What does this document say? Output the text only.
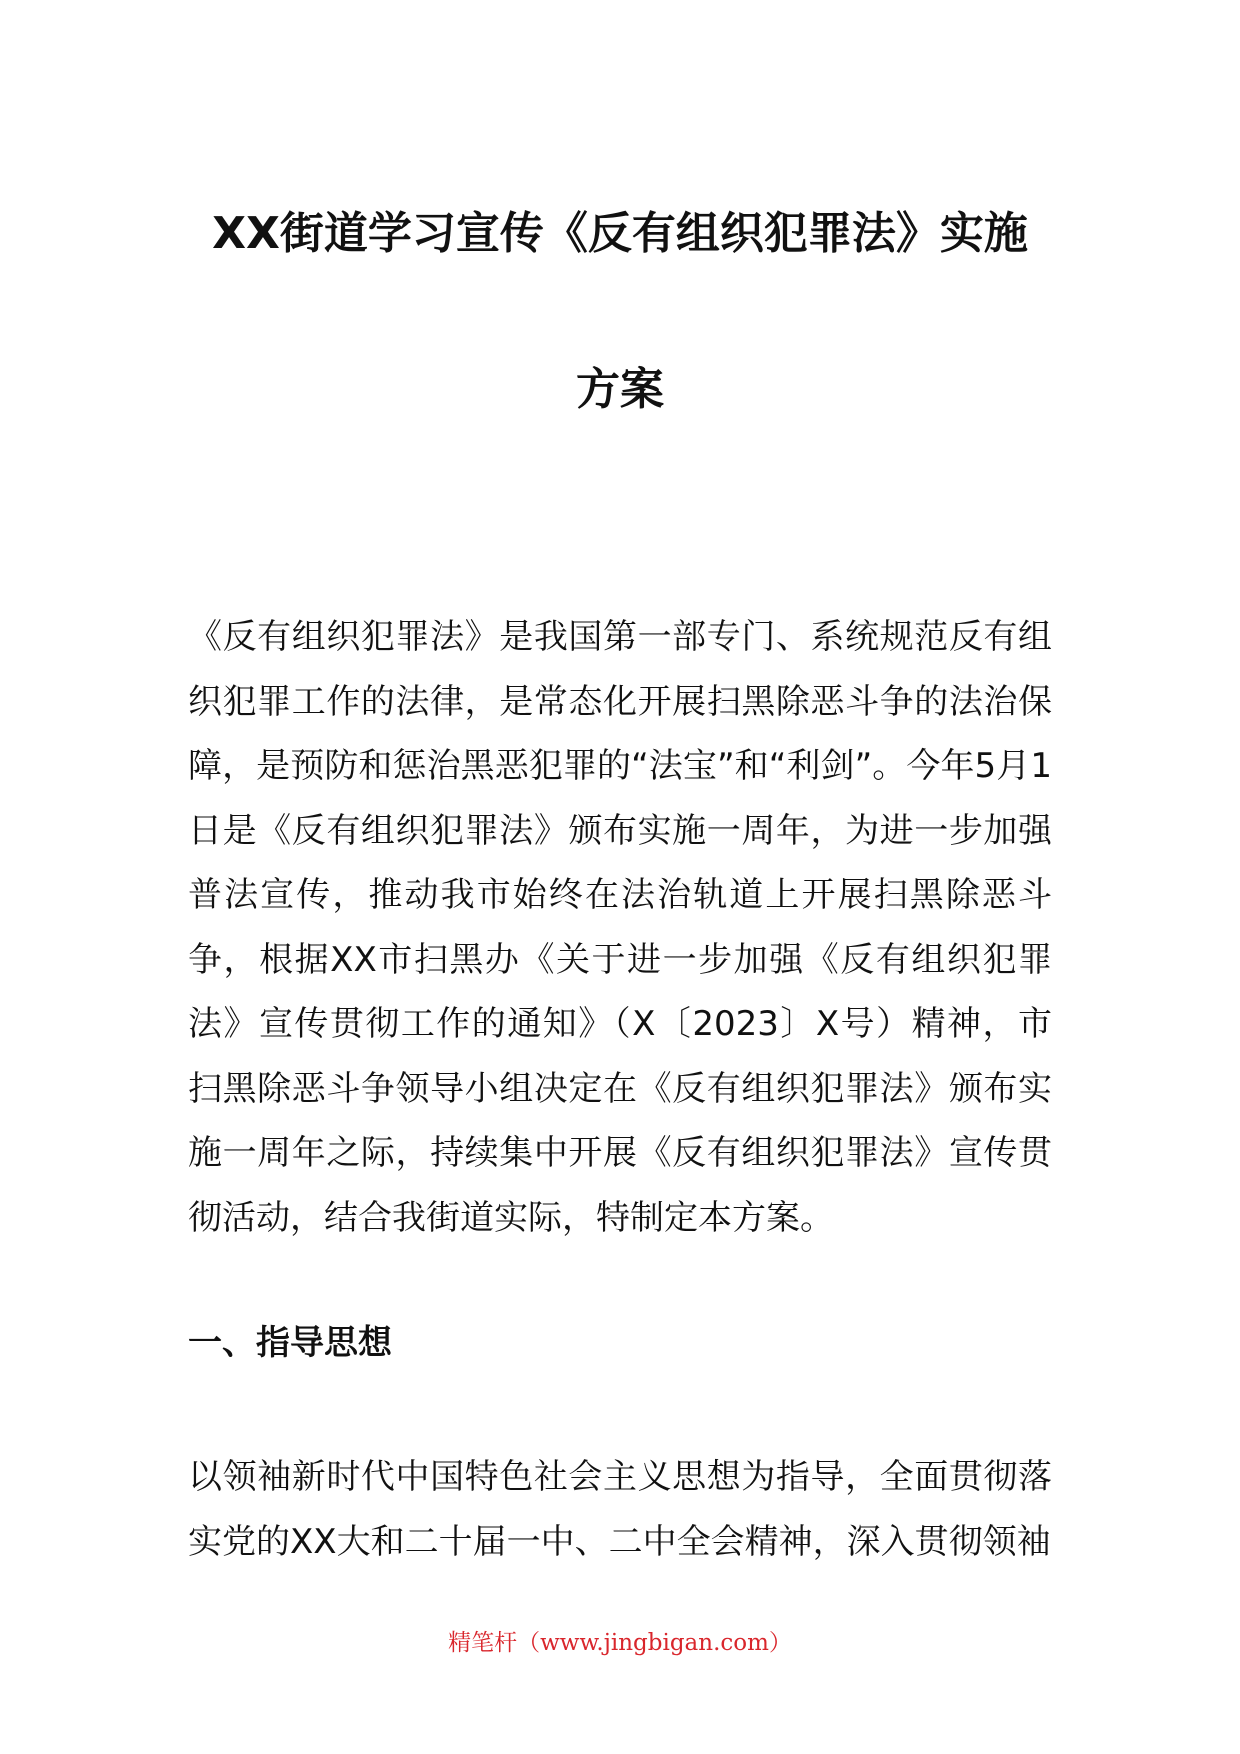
XX街道学习宣传《反有组织犯罪法》实施
方案

《反有组织犯罪法》是我国第一部专门、系统规范反有组织犯罪工作的法律，是常态化开展扫黑除恶斗争的法治保障，是预防和惩治黑恶犯罪的“法宝”和“利剑”。今年5月1日是《反有组织犯罪法》颁布实施一周年，为进一步加强普法宣传，推动我市始终在法治轨道上开展扫黑除恶斗争，根据XX市扫黑办《关于进一步加强《反有组织犯罪法》宣传贯彻工作的通知》（X〔2023〕X号）精神，市扫黑除恶斗争领导小组决定在《反有组织犯罪法》颁布实施一周年之际，持续集中开展《反有组织犯罪法》宣传贯彻活动，结合我街道实际，特制定本方案。

一、指导思想

以领袖新时代中国特色社会主义思想为指导，全面贯彻落实党的XX大和二十届一中、二中全会精神，深入贯彻领袖

精笔杆（www.jingbigan.com）
